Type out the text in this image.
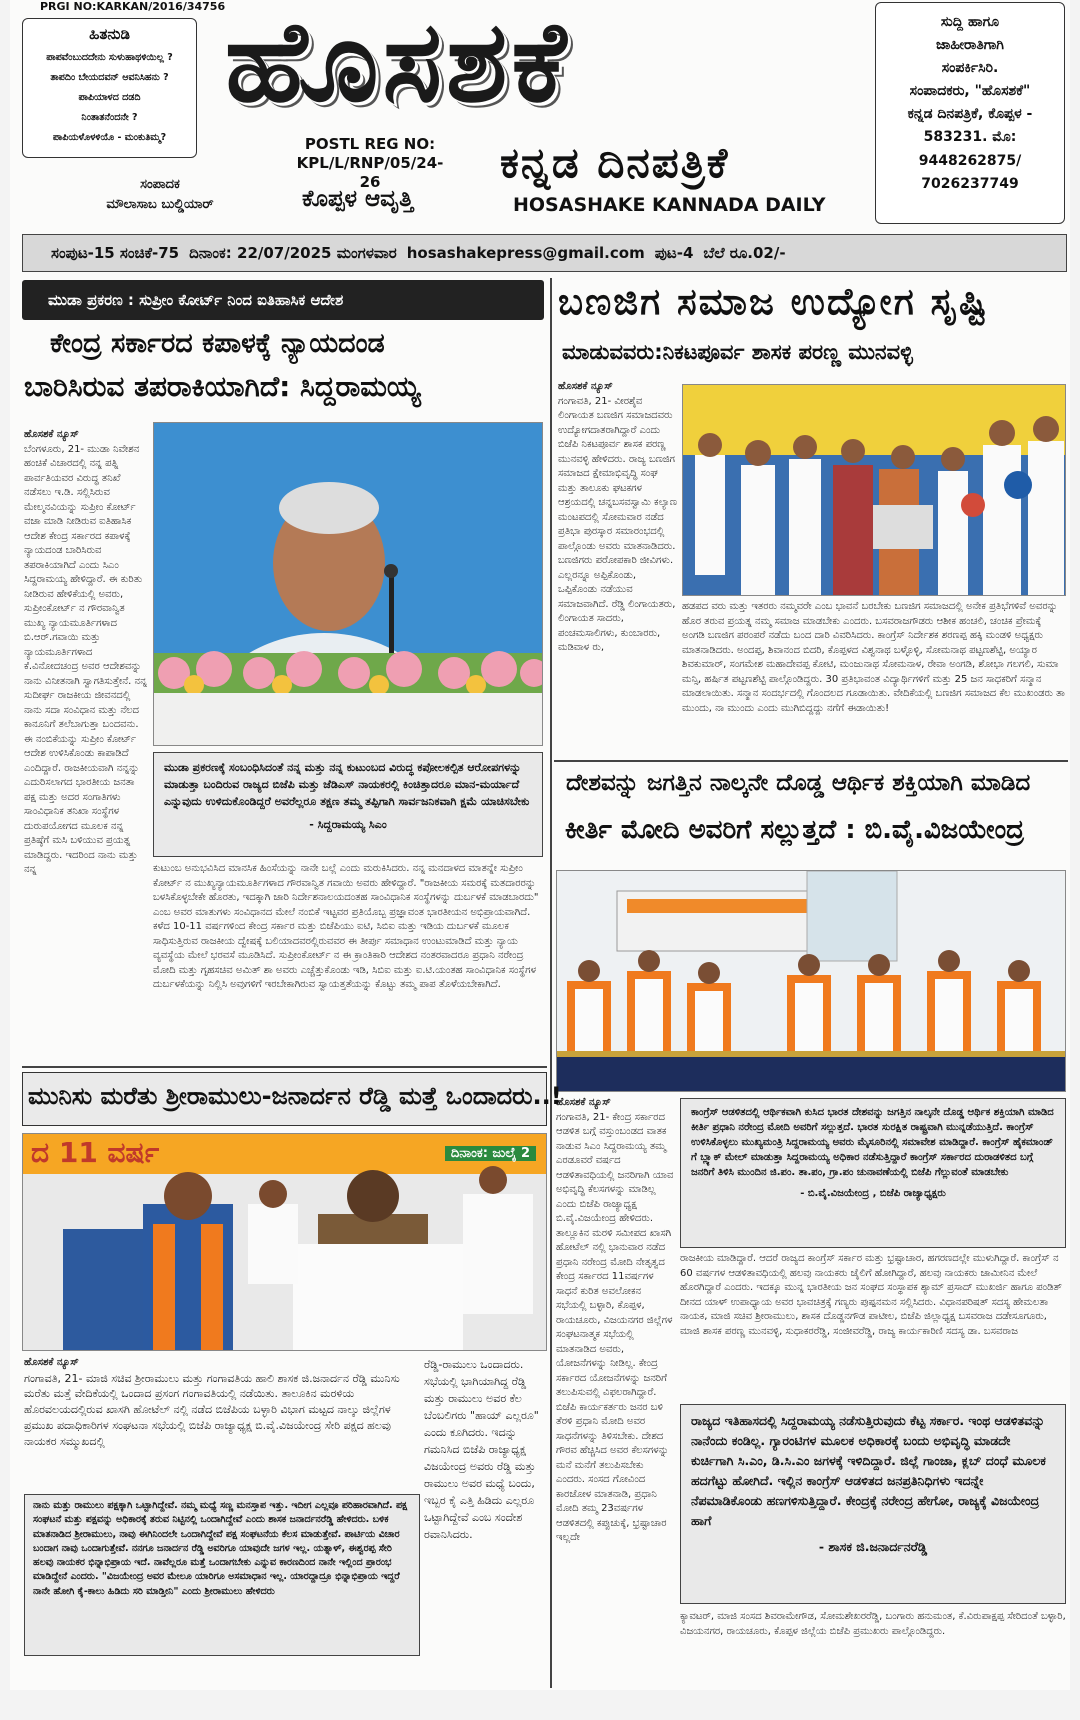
PRGI NO:KARKAN/2016/34756
ಹಿತನುಡಿ
ಪಾಪವೆಂಬುದದೇನು ಸುಳುಹಾಥಳಿಯಿಲ್ಲ ?
ತಾಪದಿಂ ಬೇಯದವನ್ ಆವನಿಸಿಹನು ?
ಪಾಪಿಯಾಳದ ದಡದಿ
ನಿಂತಾತನೆಂದನೇ ?
ಪಾಪಿಯಳೊಳಳಿಯೊ - ಮಂಕುತಿಮ್ಮ?
ಸಂಪಾದಕ
ಮೌಲಾಸಾಬ ಬುಲ್ಡಿಯಾರ್
ಹೊಸಶಕೆ
POSTL REG NO:
KPL/L/RNP/05/24-26
ಕೊಪ್ಪಳ ಆವೃತ್ತಿ
ಕನ್ನಡ ದಿನಪತ್ರಿಕೆ
HOSASHAKE KANNADA DAILY
ಸುದ್ದಿ ಹಾಗೂ
ಜಾಹೀರಾತಿಗಾಗಿ
ಸಂಪರ್ಕಿಸಿರಿ.
ಸಂಪಾದಕರು, "ಹೊಸಶಕೆ"
ಕನ್ನಡ ದಿನಪತ್ರಿಕೆ, ಕೊಪ್ಪಳ -
583231. ಮೊ:
9448262875/
7026237749
ಸಂಪುಟ-15 ಸಂಚಿಕೆ-75 ದಿನಾಂಕ: 22/07/2025 ಮಂಗಳವಾರ hosashakepress@gmail.com ಪುಟ-4 ಬೆಲೆ ರೂ.02/-
ಮುಡಾ ಪ್ರಕರಣ : ಸುಪ್ರೀಂ ಕೋರ್ಟ್ ನಿಂದ ಐತಿಹಾಸಿಕ ಆದೇಶ
ಕೇಂದ್ರ ಸರ್ಕಾರದ ಕಪಾಳಕ್ಕೆ ನ್ಯಾಯದಂಡ
ಬಾರಿಸಿರುವ ತಪರಾಕಿಯಾಗಿದೆ: ಸಿದ್ದರಾಮಯ್ಯ
ಹೊಸಶಕೆ ನ್ಯೂಸ್
ಬೆಂಗಳೂರು, 21- ಮುಡಾ ನಿವೇಶನ ಹಂಚಿಕೆ ವಿಚಾರದಲ್ಲಿ ನನ್ನ ಪತ್ನಿ ಪಾರ್ವತಿಯವರ ವಿರುದ್ಧ ತನಿಖೆ ನಡೆಸಲು ಇ.ಡಿ. ಸಲ್ಲಿಸಿರುವ ಮೇಲ್ಮನವಿಯನ್ನು ಸುಪ್ರೀಂ ಕೋರ್ಟ್ ವಜಾ ಮಾಡಿ ನೀಡಿರುವ ಐತಿಹಾಸಿಕ ಆದೇಶ ಕೇಂದ್ರ ಸರ್ಕಾರದ ಕಪಾಳಕ್ಕೆ ನ್ಯಾಯದಂಡ ಬಾರಿಸಿರುವ ತಪರಾಕಿಯಾಗಿದೆ ಎಂದು ಸಿಎಂ ಸಿದ್ದರಾಮಯ್ಯ ಹೇಳಿದ್ದಾರೆ. ಈ ಕುರಿತು ನೀಡಿರುವ ಹೇಳಿಕೆಯಲ್ಲಿ ಅವರು, ಸುಪ್ರೀಂಕೋರ್ಟ್ ನ ಗೌರವಾನ್ವಿತ ಮುಖ್ಯ ನ್ಯಾಯಮೂರ್ತಿಗಳಾದ ಬಿ.ಆರ್.ಗವಾಯಿ ಮತ್ತು ನ್ಯಾಯಮೂರ್ತಿಗಳಾದ ಕೆ.ವಿನೋದಚಂದ್ರ ಅವರ ಆದೇಶವನ್ನು ನಾನು ವಿನೀತನಾಗಿ ಸ್ವಾಗತಿಸುತ್ತೇನೆ. ನನ್ನ ಸುದೀರ್ಘ ರಾಜಕೀಯ ಜೀವನದಲ್ಲಿ ನಾನು ಸದಾ ಸಂವಿಧಾನ ಮತ್ತು ನೆಲದ ಕಾನೂನಿಗೆ ತಲೆಬಾಗುತ್ತಾ ಬಂದವನು. ಈ ನಂಬಿಕೆಯನ್ನು ಸುಪ್ರೀಂ ಕೋರ್ಟ್ ಆದೇಶ ಉಳಿಸಿಕೊಂಡು ಕಾಪಾಡಿದೆ ಎಂದಿದ್ದಾರೆ. ರಾಜಕೀಯವಾಗಿ ನನ್ನನ್ನು ಎದುರಿಸಲಾಗದ ಭಾರತೀಯ ಜನತಾ ಪಕ್ಷ ಮತ್ತು ಅದರ ಸಂಗಾತಿಗಳು ಸಾಂವಿಧಾನಿಕ ತನಿಖಾ ಸಂಸ್ಥೆಗಳ ದುರುಪಯೋಗದ ಮೂಲಕ ನನ್ನ ಪ್ರತಿಷ್ಠೆಗೆ ಮಸಿ ಬಳಿಯುವ ಪ್ರಯತ್ನ ಮಾಡಿದ್ದರು. ಇದರಿಂದ ನಾನು ಮತ್ತು ನನ್ನ
ಮುಡಾ ಪ್ರಕರಣಕ್ಕೆ ಸಂಬಂಧಿಸಿದಂತೆ ನನ್ನ ಮತ್ತು ನನ್ನ ಕುಟುಂಬದ ವಿರುದ್ಧ ಕಪೋಲಕಲ್ಪಿತ ಆರೋಪಗಳನ್ನು ಮಾಡುತ್ತಾ ಬಂದಿರುವ ರಾಜ್ಯದ ಬಿಜೆಪಿ ಮತ್ತು ಜೆಡಿಎಸ್ ನಾಯಕರಲ್ಲಿ ಕಿಂಚಿತ್ತಾದರೂ ಮಾನ-ಮರ್ಯಾದೆ ಎನ್ನುವುದು ಉಳಿದುಕೊಂಡಿದ್ದರೆ ಅವರೆಲ್ಲರೂ ತಕ್ಷಣ ತಮ್ಮ ತಪ್ಪಿಗಾಗಿ ಸಾರ್ವಜನಿಕವಾಗಿ ಕ್ಷಮೆ ಯಾಚಿಸಬೇಕು
- ಸಿದ್ದರಾಮಯ್ಯ ಸಿಎಂ
ಕುಟುಂಬ ಅನುಭವಿಸಿದ ಮಾನಸಿಕ ಹಿಂಸೆಯನ್ನು ನಾನೇ ಬಲ್ಲೆ ಎಂದು ಮರುಕಿಸಿದರು. ನನ್ನ ಮನದಾಳದ ಮಾತನ್ನೇ ಸುಪ್ರೀಂ ಕೋರ್ಟ್ ನ ಮುಖ್ಯನ್ಯಾಯಮೂರ್ತಿಗಳಾದ ಗೌರವಾನ್ವಿತ ಗವಾಯಿ ಅವರು ಹೇಳಿದ್ದಾರೆ. "ರಾಜಕೀಯ ಸಮರಕ್ಕೆ ಮತದಾರರನ್ನು ಬಳಸಿಕೊಳ್ಳಬೇಕೇ ಹೊರತು, ಇದಕ್ಕಾಗಿ ಜಾರಿ ನಿರ್ದೇಶನಾಲಯದಂತಹ ಸಾಂವಿಧಾನಿಕ ಸಂಸ್ಥೆಗಳನ್ನು ದುರ್ಬಳಕೆ ಮಾಡಬಾರದು" ಎಂಬ ಅವರ ಮಾತುಗಳು ಸಂವಿಧಾನದ ಮೇಲೆ ನಂಬಿಕೆ ಇಟ್ಟವರ ಪ್ರತಿಯೊಬ್ಬ ಪ್ರಜ್ಞಾವಂತ ಭಾರತೀಯನ ಅಭಿಪ್ರಾಯವಾಗಿದೆ. ಕಳೆದ 10-11 ವರ್ಷಗಳಿಂದ ಕೇಂದ್ರ ಸರ್ಕಾರ ಮತ್ತು ಬಿಜೆಪಿಯು ಐಟಿ, ಸಿಬಿಐ ಮತ್ತು ಇಡಿಯ ದುರ್ಬಳಕೆ ಮೂಲಕ ಸಾಧಿಸುತ್ತಿರುವ ರಾಜಕೀಯ ದ್ವೇಷಕ್ಕೆ ಬಲಿಯಾದವರಲ್ಲಿರುವವರ ಈ ತೀರ್ಪು ಸಮಾಧಾನ ಉಂಟುಮಾಡಿದೆ ಮತ್ತು ನ್ಯಾಯ ವ್ಯವಸ್ಥೆಯ ಮೇಲೆ ಭರವಸೆ ಮೂಡಿಸಿದೆ. ಸುಪ್ರೀಂಕೋರ್ಟ್ ನ ಈ ಕ್ರಾಂತಿಕಾರಿ ಆದೇಶದ ನಂತರವಾದರೂ ಪ್ರಧಾನಿ ನರೇಂದ್ರ ಮೋದಿ ಮತ್ತು ಗೃಹಸಚಿವ ಅಮಿತ್ ಶಾ ಅವರು ಎಚ್ಚೆತ್ತುಕೊಂಡು ಇಡಿ, ಸಿಬಿಐ ಮತ್ತು ಐ.ಟಿ.ಯಂತಹ ಸಾಂವಿಧಾನಿಕ ಸಂಸ್ಥೆಗಳ ದುರ್ಬಳಕೆಯನ್ನು ನಿಲ್ಲಿಸಿ ಅವುಗಳಿಗೆ ಇರಬೇಕಾಗಿರುವ ಸ್ವಾಯತ್ತತೆಯನ್ನು ಕೊಟ್ಟು ತಮ್ಮ ಪಾಪ ತೊಳೆಯಬೇಕಾಗಿದೆ.
ಬಣಜಿಗ ಸಮಾಜ ಉದ್ಯೋಗ ಸೃಷ್ಟಿ
ಮಾಡುವವರು:ನಿಕಟಪೂರ್ವ ಶಾಸಕ ಪರಣ್ಣ ಮುನವಳ್ಳಿ
ಹೊಸಶಕೆ ನ್ಯೂಸ್
ಗಂಗಾವತಿ, 21- ವೀರಶೈವ ಲಿಂಗಾಯತ ಬಣಜಿಗ ಸಮಾಜದವರು ಉದ್ಯೋಗದಾತರಾಗಿದ್ದಾರೆ ಎಂದು ಬಿಜೆಪಿ ನಿಕಟಪೂರ್ವ ಶಾಸಕ ಪರಣ್ಣ ಮುನವಳ್ಳಿ ಹೇಳಿದರು. ರಾಜ್ಯ ಬಣಜಿಗ ಸಮಾಜದ ಕ್ಷೇಮಾಭಿವೃದ್ಧಿ ಸಂಘ ಮತ್ತು ತಾಲೂಕು ಘಟಕಗಳ ಆಶ್ರಯದಲ್ಲಿ ಚನ್ನಬಸವಸ್ವಾಮಿ ಕಲ್ಯಾಣ ಮಂಟಪದಲ್ಲಿ ಸೋಮವಾರ ನಡೆದ ಪ್ರತಿಭಾ ಪುರಸ್ಕಾರ ಸಮಾರಂಭದಲ್ಲಿ ಪಾಲ್ಗೊಂಡು ಅವರು ಮಾತನಾಡಿದರು. ಬಣಜಿಗರು ಪರೋಪಕಾರಿ ಜೀವಿಗಳು. ಎಲ್ಲರನ್ನೂ ಅಪ್ಪಿಕೊಂಡು, ಒಪ್ಪಿಕೊಂಡು ನಡೆಯುವ ಸಮಾಜವಾಗಿದೆ. ರೆಡ್ಡಿ ಲಿಂಗಾಯತರು, ಲಿಂಗಾಯತ ಸಾದರು, ಪಂಚಮಸಾಲಿಗಳು, ಕುಂಬಾರರು, ಮಡಿವಾಳ ರು,
ಹಡಪದ ವರು ಮತ್ತು ಇತರರು ನಮ್ಮವರೇ ಎಂಬ ಭಾವನೆ ಬರಬೇಕು ಬಣಜಿಗ ಸಮಾಜದಲ್ಲಿ ಅನೇಕ ಪ್ರತಿಭೆಗಳಿವೆ ಅವರನ್ನು ಹೊರ ತರುವ ಪ್ರಯತ್ನ ನಮ್ಮ ಸಮಾಜ ಮಾಡಬೇಕು ಎಂದರು. ಬಸವರಾಜಗೌಡರು ಆಶೀಕ ಹಂಚಲಿ, ಚಂಚಿಕ ಪ್ರೇಮಕ್ಕೆ ಅಂಗಡಿ ಬಣಜಿಗ ಪರಂಪರೆ ನಡೆದು ಬಂದ ದಾರಿ ವಿವರಿಸಿದರು. ಕಾಂಗ್ರೆಸ್ ನಿರ್ದೇಶಕ ಶರಣಪ್ಪ ಹಕ್ಕಿ ಮಂಡಳಿ ಅಧ್ಯಕ್ಷರು ಮಾತನಾಡಿದರು. ಅಂದಪ್ಪ, ಶಿವಾನಂದ ಬಿದರಿ, ಕೊಪ್ಪಳದ ವಿಶ್ವನಾಥ ಬಳ್ಳೊಳ್ಳಿ, ಸೋಮನಾಥ ಪಟ್ಟಣಶೆಟ್ಟಿ, ಅಯ್ಯಾರ ಶಿವಕುಮಾರ್, ಸಂಗಮೇಶ ಮಹಾದೇವಪ್ಪ ಕೋಟಿ, ಮಂಜುನಾಥ ಸೋಮನಾಳ, ರೇವಾ ಅಂಗಡಿ, ಶೋಭಾ ಗಲಗಲಿ, ಸುಮಾ ಮನ್ಸಿ, ಹರ್ಷಿತ ಪಟ್ಟಣಶೆಟ್ಟಿ ಪಾಲ್ಗೊಂಡಿದ್ದರು. 30 ಪ್ರತಿಭಾವಂತ ವಿದ್ಯಾರ್ಥಿಗಳಿಗೆ ಮತ್ತು 25 ಜನ ಸಾಧಕರಿಗೆ ಸನ್ಮಾನ ಮಾಡಲಾಯಿತು. ಸನ್ಮಾನ ಸಂದರ್ಭದಲ್ಲಿ ಗೊಂದಲದ ಗೂಡಾಯಿತು. ವೇದಿಕೆಯಲ್ಲಿ ಬಣಜಿಗ ಸಮಾಜದ ಕೆಲ ಮುಖಂಡರು ತಾ ಮುಂದು, ನಾ ಮುಂದು ಎಂದು ಮುಗಿಬಿದ್ದದ್ದು ನಗೆಗೆ ಈಡಾಯಿತು!
ದೇಶವನ್ನು ಜಗತ್ತಿನ ನಾಲ್ಕನೇ ದೊಡ್ಡ ಆರ್ಥಿಕ ಶಕ್ತಿಯಾಗಿ ಮಾಡಿದ
ಕೀರ್ತಿ ಮೋದಿ ಅವರಿಗೆ ಸಲ್ಲುತ್ತದೆ : ಬಿ.ವೈ.ವಿಜಯೇಂದ್ರ
ಹೊಸಶಕೆ ನ್ಯೂಸ್
ಗಂಗಾವತಿ, 21- ಕೇಂದ್ರ ಸರ್ಕಾರದ ಆಡಳಿತ ಬಗ್ಗೆ ವಸ್ತುಂಬಂಡದ ವಾತಕ ನಾಡುವ ಸಿಎಂ ಸಿದ್ದರಾಮಯ್ಯ ತಮ್ಮ ಎರಡೂವರೆ ವರ್ಷದ ಆಡಳಿತಾವಧಿಯಲ್ಲಿ ಜನರಿಗಾಗಿ ಯಾವ ಅಭಿವೃದ್ಧಿ ಕೆಲಸಗಳನ್ನು ಮಾಡಿಲ್ಲ ಎಂದು ಬಿಜೆಪಿ ರಾಜ್ಯಾಧ್ಯಕ್ಷ ಬಿ.ವೈ.ವಿಜಯೇಂದ್ರ ಹೇಳಿದರು. ತಾಲ್ಲೂಕಿನ ಮರಳಿ ಸಮೀಪದ ಖಾಸಗಿ ಹೋಟೆಲ್ ನಲ್ಲಿ ಭಾನುವಾರ ನಡೆದ ಪ್ರಧಾನಿ ನರೇಂದ್ರ ಮೋದಿ ನೇತೃತ್ವದ ಕೇಂದ್ರ ಸರ್ಕಾರದ 11ವರ್ಷಗಳ ಸಾಧನೆ ಕುರಿತ ಅವಲೋಕನ ಸಭೆಯಲ್ಲಿ ಬಳ್ಳಾರಿ, ಕೊಪ್ಪಳ, ರಾಯಚೂರು, ವಿಜಯನಗರ ಜಿಲ್ಲೆಗಳ ಸಂಘಟನಾತ್ಮಕ ಸಭೆಯಲ್ಲಿ ಮಾತನಾಡಿದ ಅವರು, ಯೋಜನೆಗಳನ್ನು ನೀಡಿಲ್ಲ. ಕೇಂದ್ರ ಸರ್ಕಾರದ ಯೋಜನೆಗಳನ್ನು ಜನರಿಗೆ ತಲುಪಿಸುವಲ್ಲಿ ವಿಫಲರಾಗಿದ್ದಾರೆ. ಬಿಜೆಪಿ ಕಾರ್ಯಕರ್ತರು ಜನರ ಬಳಿ ತೆರಳಿ ಪ್ರಧಾನಿ ಮೋದಿ ಅವರ ಸಾಧನೆಗಳನ್ನು ತಿಳಿಸಬೇಕು. ದೇಶದ ಗೌರವ ಹೆಚ್ಚಿಸಿದ ಅವರ ಕೆಲಸಗಳನ್ನು ಮನೆ ಮನೆಗೆ ತಲುಪಿಸಬೇಕು ಎಂದರು. ಸಂಸದ ಗೋವಿಂದ ಕಾರಜೋಳ ಮಾತನಾಡಿ, ಪ್ರಧಾನಿ ಮೋದಿ ತಮ್ಮ 23ವರ್ಷಗಳ ಆಡಳಿತದಲ್ಲಿ ಕಪ್ಪುಚುಕ್ಕೆ, ಭ್ರಷ್ಟಾಚಾರ ಇಲ್ಲದೇ
ಕಾಂಗ್ರೆಸ್ ಆಡಳಿತದಲ್ಲಿ ಆರ್ಥಿಕವಾಗಿ ಕುಸಿದ ಭಾರತ ದೇಶವನ್ನು ಜಗತ್ತಿನ ನಾಲ್ಕನೇ ದೊಡ್ಡ ಆರ್ಥಿಕ ಶಕ್ತಿಯಾಗಿ ಮಾಡಿದ ಕೀರ್ತಿ ಪ್ರಧಾನಿ ನರೇಂದ್ರ ಮೋದಿ ಅವರಿಗೆ ಸಲ್ಲುತ್ತದೆ. ಭಾರತ ಸುರಕ್ಷಿತ ರಾಷ್ಟ್ರವಾಗಿ ಮುನ್ನಡೆಯುತ್ತಿದೆ. ಕಾಂಗ್ರೆಸ್ ಉಳಿಸಿಕೊಳ್ಳಲು ಮುಖ್ಯಮಂತ್ರಿ ಸಿದ್ದರಾಮಯ್ಯ ಅವರು ಮೈಸೂರಿನಲ್ಲಿ ಸಮಾವೇಶ ಮಾಡಿದ್ದಾರೆ. ಕಾಂಗ್ರೆಸ್ ಹೈಕಮಾಂಡ್ ಗೆ ಬ್ಲ್ಯಾಕ್ ಮೇಲ್ ಮಾಡುತ್ತಾ ಸಿದ್ದರಾಮಯ್ಯ ಅಧಿಕಾರ ನಡೆಸುತ್ತಿದ್ದಾರೆ ಕಾಂಗ್ರೆಸ್ ಸರ್ಕಾರದ ದುರಾಡಳಿತದ ಬಗ್ಗೆ ಜನರಿಗೆ ತಿಳಿಸಿ ಮುಂದಿನ ಜಿ.ಪಂ. ತಾ.ಪಂ, ಗ್ರಾ.ಪಂ ಚುನಾವಣೆಯಲ್ಲಿ ಬಿಜೆಪಿ ಗೆಲ್ಲುವಂತೆ ಮಾಡಬೇಕು
- ಬಿ.ವೈ.ವಿಜಯೇಂದ್ರ , ಬಿಜೆಪಿ ರಾಜ್ಯಾಧ್ಯಕ್ಷರು
ರಾಜಕೀಯ ಮಾಡಿದ್ದಾರೆ. ಆದರೆ ರಾಜ್ಯದ ಕಾಂಗ್ರೆಸ್ ಸರ್ಕಾರ ಮತ್ತು ಭ್ರಷ್ಟಾಚಾರ, ಹಗರಣದಲ್ಲೇ ಮುಳುಗಿದ್ದಾರೆ. ಕಾಂಗ್ರೆಸ್ ನ 60 ವರ್ಷಗಳ ಆಡಳಿತಾವಧಿಯಲ್ಲಿ ಹಲವು ನಾಯಕರು ಜೈಲಿಗೆ ಹೋಗಿದ್ದಾರೆ, ಹಲವು ನಾಯಕರು ಜಾಮೀನಿನ ಮೇಲೆ ಹೊರಗಿದ್ದಾರೆ ಎಂದರು. ಇದಕ್ಕೂ ಮುನ್ನ ಭಾರತೀಯ ಜನ ಸಂಘದ ಸಂಸ್ಥಾಪಕ ಶ್ಯಾಮ್ ಪ್ರಸಾದ್ ಮುಖರ್ಜಿ ಹಾಗೂ ಪಂಡಿತ್ ದೀನದ ಯಾಳ್ ಉಪಾಧ್ಯಾಯ ಅವರ ಭಾವಚಿತ್ರಕ್ಕೆ ಗಣ್ಯರು ಪುಷ್ಪನಮನ ಸಲ್ಲಿಸಿದರು. ವಿಧಾನಪರಿಷತ್ ಸದಸ್ಯ ಹೇಮಲತಾ ನಾಯಕ, ಮಾಜಿ ಸಚಿವ ಶ್ರೀರಾಮುಲು, ಶಾಸಕ ದೊಡ್ಡನಗೌಡ ಪಾಟೀಲ, ಬಿಜೆಪಿ ಜಿಲ್ಲಾಧ್ಯಕ್ಷ ಬಸವರಾಜ ದಡೇಸೂಗೂರು, ಮಾಜಿ ಶಾಸಕ ಪರಣ್ಣ ಮುನವಳ್ಳಿ, ಸುಧಾಕರರೆಡ್ಡಿ, ಸಂಜೀವರೆಡ್ಡಿ, ರಾಜ್ಯ ಕಾರ್ಯಕಾರಿಣಿ ಸದಸ್ಯ ಡಾ. ಬಸವರಾಜ
ರಾಜ್ಯದ ಇತಿಹಾಸದಲ್ಲಿ ಸಿದ್ದರಾಮಯ್ಯ ನಡೆಸುತ್ತಿರುವುದು ಕೆಟ್ಟ ಸರ್ಕಾರ. ಇಂಥ ಆಡಳಿತವನ್ನು ನಾನೆಂದು ಕಂಡಿಲ್ಲ. ಗ್ಯಾರಂಟಿಗಳ ಮೂಲಕ ಅಧಿಕಾರಕ್ಕೆ ಬಂದು ಅಭಿವೃದ್ಧಿ ಮಾಡದೇ ಕುರ್ಚಿಗಾಗಿ ಸಿ.ಎಂ, ಡಿ.ಸಿ.ಎಂ ಜಗಳಕ್ಕೆ ಇಳಿದಿದ್ದಾರೆ. ಜಿಲ್ಲೆ ಗಾಂಜಾ, ಕ್ಲಬ್ ದಂಧೆ ಮೂಲಕ ಹದಗೆಟ್ಟು ಹೋಗಿದೆ. ಇಲ್ಲಿನ ಕಾಂಗ್ರೆಸ್ ಆಡಳಿತದ ಜನಪ್ರತಿನಿಧಿಗಳು ಇದನ್ನೇ ನೆಪಮಾಡಿಕೊಂಡು ಹಣಗಳಿಸುತ್ತಿದ್ದಾರೆ. ಕೇಂದ್ರಕ್ಕೆ ನರೇಂದ್ರ ಹೇಗೋ, ರಾಜ್ಯಕ್ಕೆ ವಿಜಯೇಂದ್ರ ಹಾಗೆ
- ಶಾಸಕ ಜಿ.ಜನಾರ್ದನರೆಡ್ಡಿ
ಕ್ಯಾವಟರ್, ಮಾಜಿ ಸಂಸದ ಶಿವರಾಮೇಗೌಡ, ಸೋಮಶೇಖರರೆಡ್ಡಿ, ಬಂಗಾರು ಹನುಮಂತ, ಕೆ.ವಿರುಪಾಕ್ಷಪ್ಪ ಸೇರಿದಂತೆ ಬಳ್ಳಾರಿ, ವಿಜಯನಗರ, ರಾಯಚೂರು, ಕೊಪ್ಪಳ ಜಿಲ್ಲೆಯ ಬಿಜೆಪಿ ಪ್ರಮುಖರು ಪಾಲ್ಗೊಂಡಿದ್ದರು.
ಮುನಿಸು ಮರೆತು ಶ್ರೀರಾಮುಲು-ಜನಾರ್ದನ ರೆಡ್ಡಿ ಮತ್ತೆ ಒಂದಾದರು..!
ದ 11 ವರ್ಷ	ದಿನಾಂಕ: ಜುಲೈ 2
ಹೊಸಶಕೆ ನ್ಯೂಸ್
ಗಂಗಾವತಿ, 21- ಮಾಜಿ ಸಚಿವ ಶ್ರೀರಾಮುಲು ಮತ್ತು ಗಂಗಾವತಿಯ ಹಾಲಿ ಶಾಸಕ ಜಿ.ಜನಾರ್ದನ ರೆಡ್ಡಿ ಮುನಿಸು ಮರೆತು ಮತ್ತೆ ವೇದಿಕೆಯಲ್ಲಿ ಒಂದಾದ ಪ್ರಸಂಗ ಗಂಗಾವತಿಯಲ್ಲಿ ನಡೆಯಿತು. ತಾಲೂಕಿನ ಮರಳಿಯ ಹೊರವಲಯದಲ್ಲಿರುವ ಖಾಸಗಿ ಹೋಟೆಲ್ ನಲ್ಲಿ ನಡೆದ ಬಿಜೆಪಿಯ ಬಳ್ಳಾರಿ ವಿಭಾಗ ಮಟ್ಟದ ನಾಲ್ಕು ಜಿಲ್ಲೆಗಳ ಪ್ರಮುಖ ಪದಾಧಿಕಾರಿಗಳ ಸಂಘಟನಾ ಸಭೆಯಲ್ಲಿ ಬಿಜೆಪಿ ರಾಜ್ಯಾಧ್ಯಕ್ಷ ಬಿ.ವೈ.ವಿಜಯೇಂದ್ರ ಸೇರಿ ಪಕ್ಷದ ಹಲವು ನಾಯಕರ ಸಮ್ಮುಖದಲ್ಲಿ
ರೆಡ್ಡಿ-ರಾಮುಲು ಒಂದಾದರು. ಸಭೆಯಲ್ಲಿ ಭಾಗಿಯಾಗಿದ್ದ ರೆಡ್ಡಿ ಮತ್ತು ರಾಮುಲು ಅವರ ಕೆಲ ಬೆಂಬಲಿಗರು "ಹಾಯ್ ಎಲ್ಲರೂ" ಎಂದು ಕೂಗಿದರು. ಇದನ್ನು ಗಮನಿಸಿದ ಬಿಜೆಪಿ ರಾಜ್ಯಾಧ್ಯಕ್ಷ ವಿಜಯೇಂದ್ರ ಅವರು ರೆಡ್ಡಿ ಮತ್ತು ರಾಮುಲು ಅವರ ಮಧ್ಯೆ ಬಂದು, ಇಬ್ಬರ ಕೈ ಎತ್ತಿ ಹಿಡಿದು ಎಲ್ಲರೂ ಒಟ್ಟಾಗಿದ್ದೇವೆ ಎಂಬ ಸಂದೇಶ ರವಾನಿಸಿದರು.
ನಾನು ಮತ್ತು ರಾಮುಲು ಪಕ್ಷಕ್ಕಾಗಿ ಒಟ್ಟಾಗಿದ್ದೇವೆ. ನಮ್ಮ ಮಧ್ಯೆ ಸಣ್ಣ ಮನಸ್ತಾಪ ಇತ್ತು. ಇದೀಗ ಎಲ್ಲವೂ ಪರಿಹಾರವಾಗಿದೆ. ಪಕ್ಷ ಸಂಘಟನೆ ಮತ್ತು ಪಕ್ಷವನ್ನು ಅಧಿಕಾರಕ್ಕೆ ತರುವ ನಿಟ್ಟಿನಲ್ಲಿ ಒಂದಾಗಿದ್ದೇವೆ ಎಂದು ಶಾಸಕ ಜನಾರ್ದನರೆಡ್ಡಿ ಹೇಳಿದರು. ಬಳಿಕ ಮಾತನಾಡಿದ ಶ್ರೀರಾಮುಲು, ನಾವು ಈಗಿನಿಂದಲೇ ಒಂದಾಗಿದ್ದೇವೆ ಪಕ್ಷ ಸಂಘಟನೆಯ ಕೆಲಸ ಮಾಡುತ್ತೇವೆ. ಪಾರ್ಟಿಯ ವಿಚಾರ ಬಂದಾಗ ನಾವು ಒಂದಾಗುತ್ತೇವೆ. ನನಗೂ ಜನಾರ್ದನ ರೆಡ್ಡಿ ಅವರಿಗೂ ಯಾವುದೇ ಜಗಳ ಇಲ್ಲ. ಯತ್ನಾಳ್, ಈಶ್ವರಪ್ಪ ಸೇರಿ ಹಲವು ನಾಯಕರ ಭಿನ್ನಾಭಿಪ್ರಾಯ ಇದೆ. ನಾವೆಲ್ಲರೂ ಮತ್ತೆ ಒಂದಾಗಬೇಕು ಎನ್ನುವ ಕಾರಣದಿಂದ ನಾನೇ ಇಲ್ಲಿಂದ ಪ್ರಾರಂಭ ಮಾಡಿದ್ದೇನೆ ಎಂದರು. "ವಿಜಯೇಂದ್ರ ಅವರ ಮೇಲೂ ಯಾರಿಗೂ ಅಸಮಾಧಾನ ಇಲ್ಲ. ಯಾರದ್ದಾದ್ರೂ ಭಿನ್ನಾಭಿಪ್ರಾಯ ಇದ್ದರೆ ನಾನೇ ಹೋಗಿ ಕೈ-ಕಾಲು ಹಿಡಿದು ಸರಿ ಮಾಡ್ತೀನಿ" ಎಂದು ಶ್ರೀರಾಮುಲು ಹೇಳಿದರು
